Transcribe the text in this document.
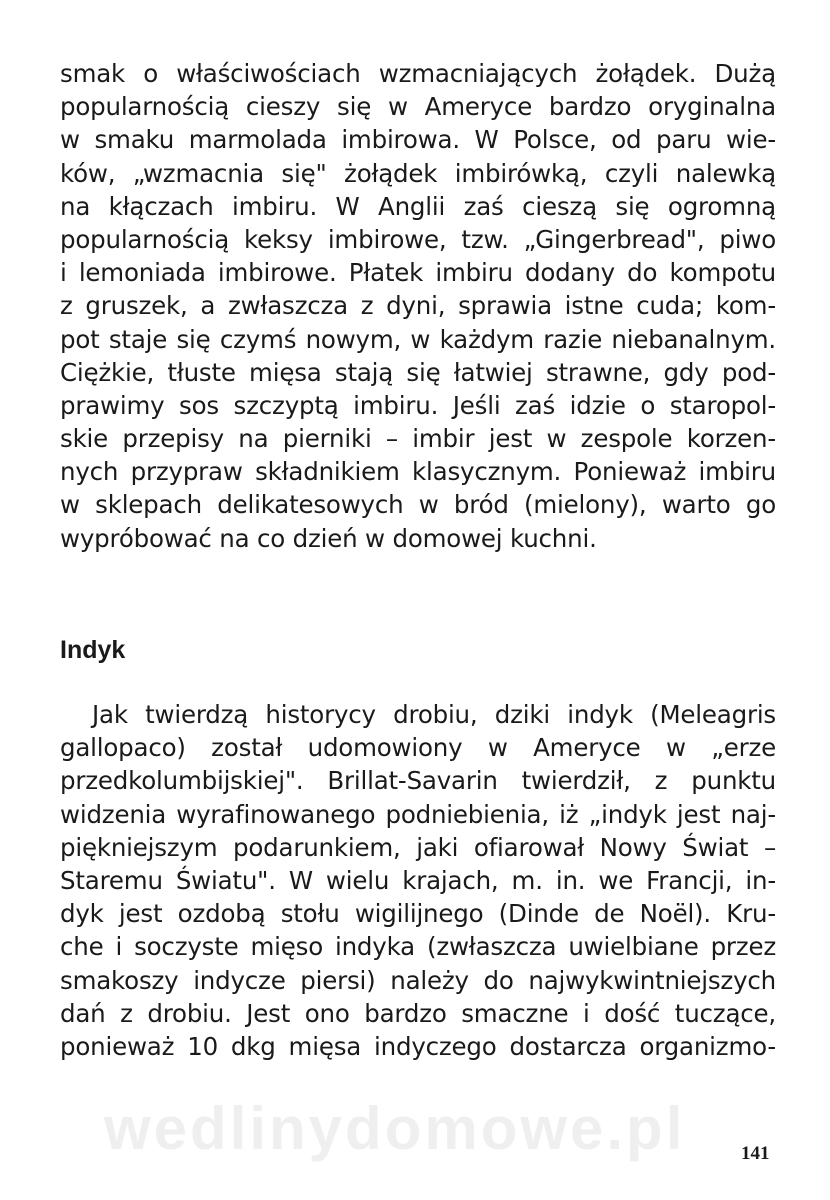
wedlinydomowe.pl
smak o właściwościach wzmacniających żołądek. Dużą
popularnością cieszy się w Ameryce bardzo oryginalna
w smaku marmolada imbirowa. W Polsce, od paru wie-
ków, „wzmacnia się" żołądek imbirówką, czyli nalewką
na kłączach imbiru. W Anglii zaś cieszą się ogromną
popularnością keksy imbirowe, tzw. „Gingerbread", piwo
i lemoniada imbirowe. Płatek imbiru dodany do kompotu
z gruszek, a zwłaszcza z dyni, sprawia istne cuda; kom-
pot staje się czymś nowym, w każdym razie niebanalnym.
Ciężkie, tłuste mięsa stają się łatwiej strawne, gdy pod-
prawimy sos szczyptą imbiru. Jeśli zaś idzie o staropol-
skie przepisy na pierniki – imbir jest w zespole korzen-
nych przypraw składnikiem klasycznym. Ponieważ imbiru
w sklepach delikatesowych w bród (mielony), warto go
wypróbować na co dzień w domowej kuchni.
Indyk
Jak twierdzą historycy drobiu, dziki indyk (Meleagris
gallopaco) został udomowiony w Ameryce w „erze
przedkolumbijskiej". Brillat-Savarin twierdził, z punktu
widzenia wyrafinowanego podniebienia, iż „indyk jest naj-
piękniejszym podarunkiem, jaki ofiarował Nowy Świat –
Staremu Światu". W wielu krajach, m. in. we Francji, in-
dyk jest ozdobą stołu wigilijnego (Dinde de Noël). Kru-
che i soczyste mięso indyka (zwłaszcza uwielbiane przez
smakoszy indycze piersi) należy do najwykwintniejszych
dań z drobiu. Jest ono bardzo smaczne i dość tuczące,
ponieważ 10 dkg mięsa indyczego dostarcza organizmo-
141
